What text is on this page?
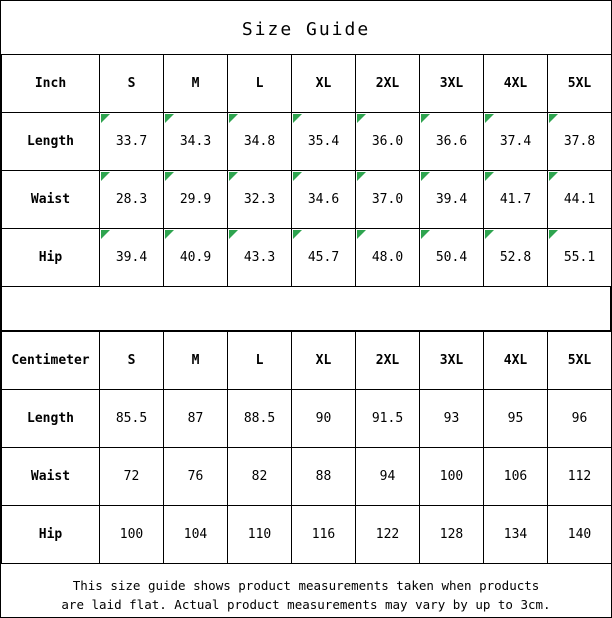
Size Guide
Inch	S	M	L	XL	2XL	3XL	4XL	5XL
Length	33.7	34.3	34.8	35.4	36.0	36.6	37.4	37.8
Waist	28.3	29.9	32.3	34.6	37.0	39.4	41.7	44.1
Hip	39.4	40.9	43.3	45.7	48.0	50.4	52.8	55.1
Centimeter	S	M	L	XL	2XL	3XL	4XL	5XL
Length	85.5	87	88.5	90	91.5	93	95	96
Waist	72	76	82	88	94	100	106	112
Hip	100	104	110	116	122	128	134	140
This size guide shows product measurements taken when products
are laid flat. Actual product measurements may vary by up to 3cm.
